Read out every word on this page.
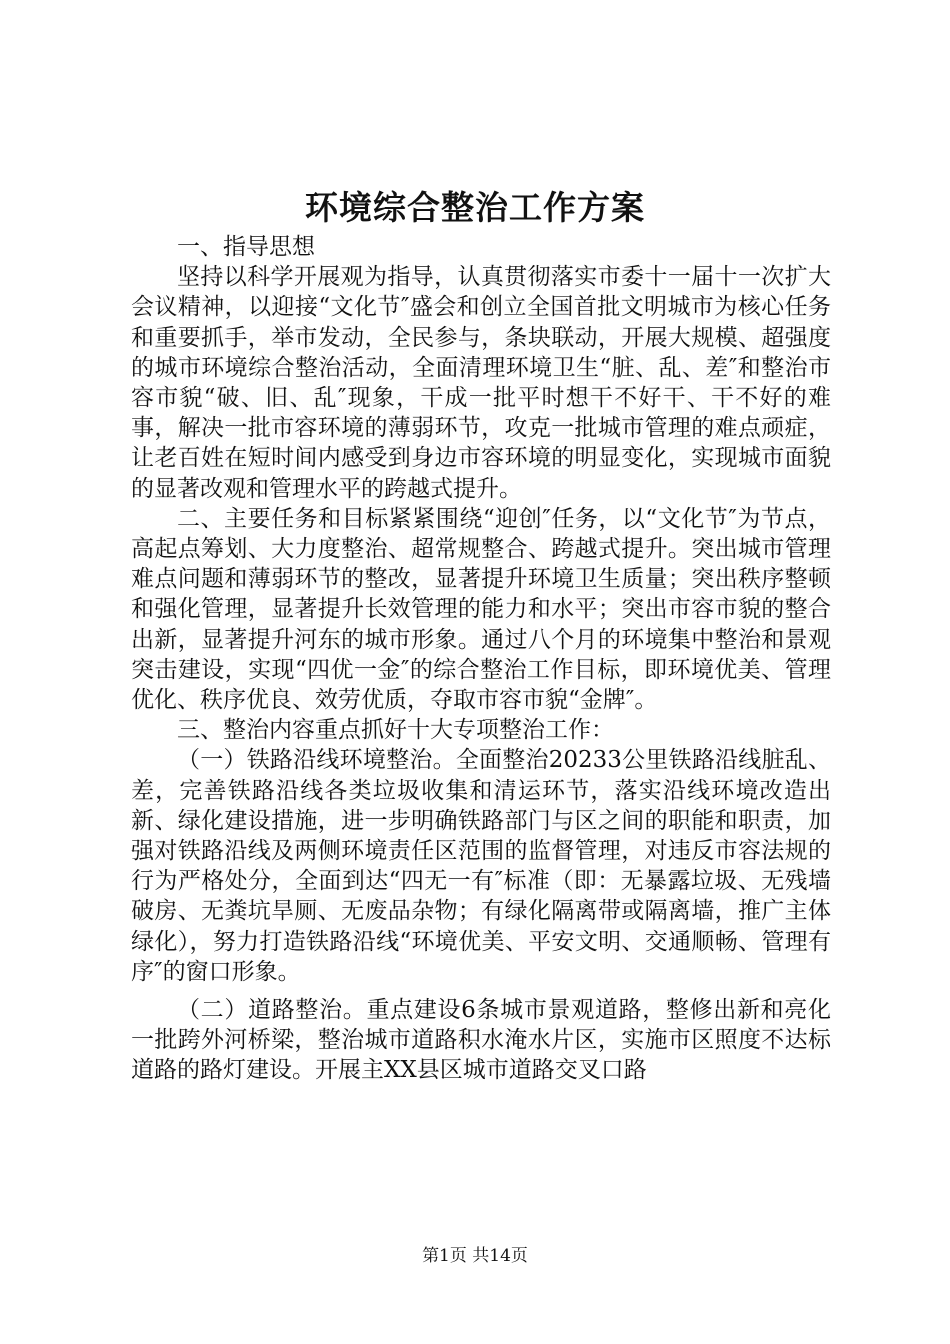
环境综合整治工作方案

一、指导思想

坚持以科学开展观为指导，认真贯彻落实市委十一届十一次扩大会议精神，以迎接“文化节″盛会和创立全国首批文明城市为核心任务和重要抓手，举市发动，全民参与，条块联动，开展大规模、超强度的城市环境综合整治活动，全面清理环境卫生“脏、乱、差″和整治市容市貌“破、旧、乱″现象，干成一批平时想干不好干、干不好的难事，解决一批市容环境的薄弱环节，攻克一批城市管理的难点顽症，让老百姓在短时间内感受到身边市容环境的明显变化，实现城市面貌的显著改观和管理水平的跨越式提升。

二、主要任务和目标紧紧围绕“迎创″任务，以“文化节″为节点，高起点筹划、大力度整治、超常规整合、跨越式提升。突出城市管理难点问题和薄弱环节的整改，显著提升环境卫生质量；突出秩序整顿和强化管理，显著提升长效管理的能力和水平；突出市容市貌的整合出新，显著提升河东的城市形象。通过八个月的环境集中整治和景观突击建设，实现“四优一金″的综合整治工作目标，即环境优美、管理优化、秩序优良、效劳优质，夺取市容市貌“金牌″。

三、整治内容重点抓好十大专项整治工作：

（一）铁路沿线环境整治。全面整治20233公里铁路沿线脏乱、差，完善铁路沿线各类垃圾收集和清运环节，落实沿线环境改造出新、绿化建设措施，进一步明确铁路部门与区之间的职能和职责，加强对铁路沿线及两侧环境责任区范围的监督管理，对违反市容法规的行为严格处分，全面到达“四无一有″标准（即：无暴露垃圾、无残墙破房、无粪坑旱厕、无废品杂物；有绿化隔离带或隔离墙，推广主体绿化），努力打造铁路沿线“环境优美、平安文明、交通顺畅、管理有序″的窗口形象。

（二）道路整治。重点建设6条城市景观道路，整修出新和亮化一批跨外河桥梁，整治城市道路积水淹水片区，实施市区照度不达标道路的路灯建设。开展主XX县区城市道路交叉口路

第1页 共14页
